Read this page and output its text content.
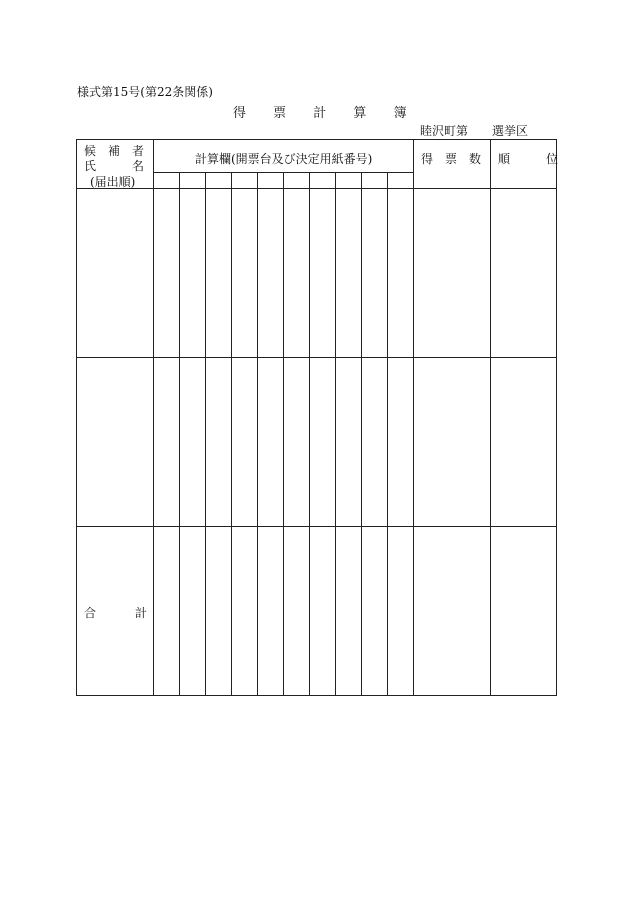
様式第15号(第22条関係)
得 票 計 算 簿
睦沢町第 選挙区
候　補　者
氏　　　名
(届出順)
計算欄(開票台及び決定用紙番号)	得　票　数 順　　　位
合	計
